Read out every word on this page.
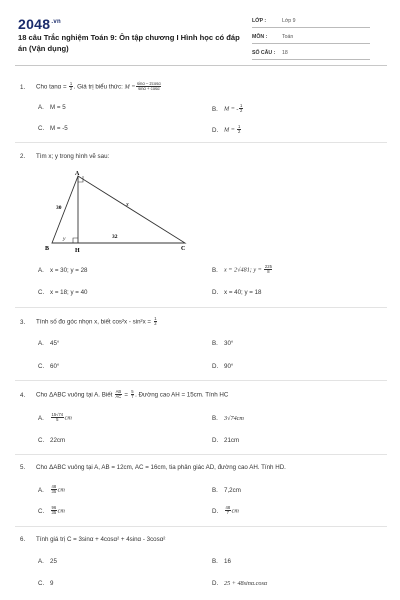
$2048^{.vn}$
18 câu Trắc nghiệm Toán 9: Ôn tập chương I Hình học có đáp án (Vận dụng)
LỚP :	Lớp 9
MÔN :	Toán
SỐ CÂU :	18
1. Cho $\tan\alpha = \frac{1}{2}$ . Giá trị biểu thức: $M = \frac{\sin\alpha - 2\cos\alpha}{\sin\alpha + \cos\alpha}$
A. M = 5	B. M = - $\frac{1}{2}$
C. M = -5	D. $M = \frac{1}{2}$
2. Tìm x; y trong hình vẽ sau:
A
B	C
H
30	x
y	32
A. x = 30; y = 28	B. x = 2√481; $y = \frac{225}{8}$
C. x = 18; y = 40	D. x = 40; y = 18
3. Tính số đo góc nhọn x, biết $\cos^2x - \sin^2x = \frac{1}{2}$
A. 45°	B. 30°
C. 60°	D. 90°
4. Cho ΔABC vuông tại A. Biết $\frac{AB}{AC} = \frac{5}{7}$ . Đường cao AH = 15cm. Tính HC
A. $\frac{15√74}{5}$ cm	B. 3√74cm
C. 22cm	D. 21cm
5. Cho ΔABC vuông tại A, AB = 12cm, AC = 16cm, tia phân giác AD, đường cao AH. Tính HD.
A. $\frac{48}{35}$ cm	B. 7,2cm
C. $\frac{96}{35}$ cm	D. $\frac{48}{7}$ cm
6. Tính giá trị C = 3sinα + 4cosα² + 4sinα - 3cosα²
A. 25	B. 16
C. 9	D. 25 + 48sinα.cosα
